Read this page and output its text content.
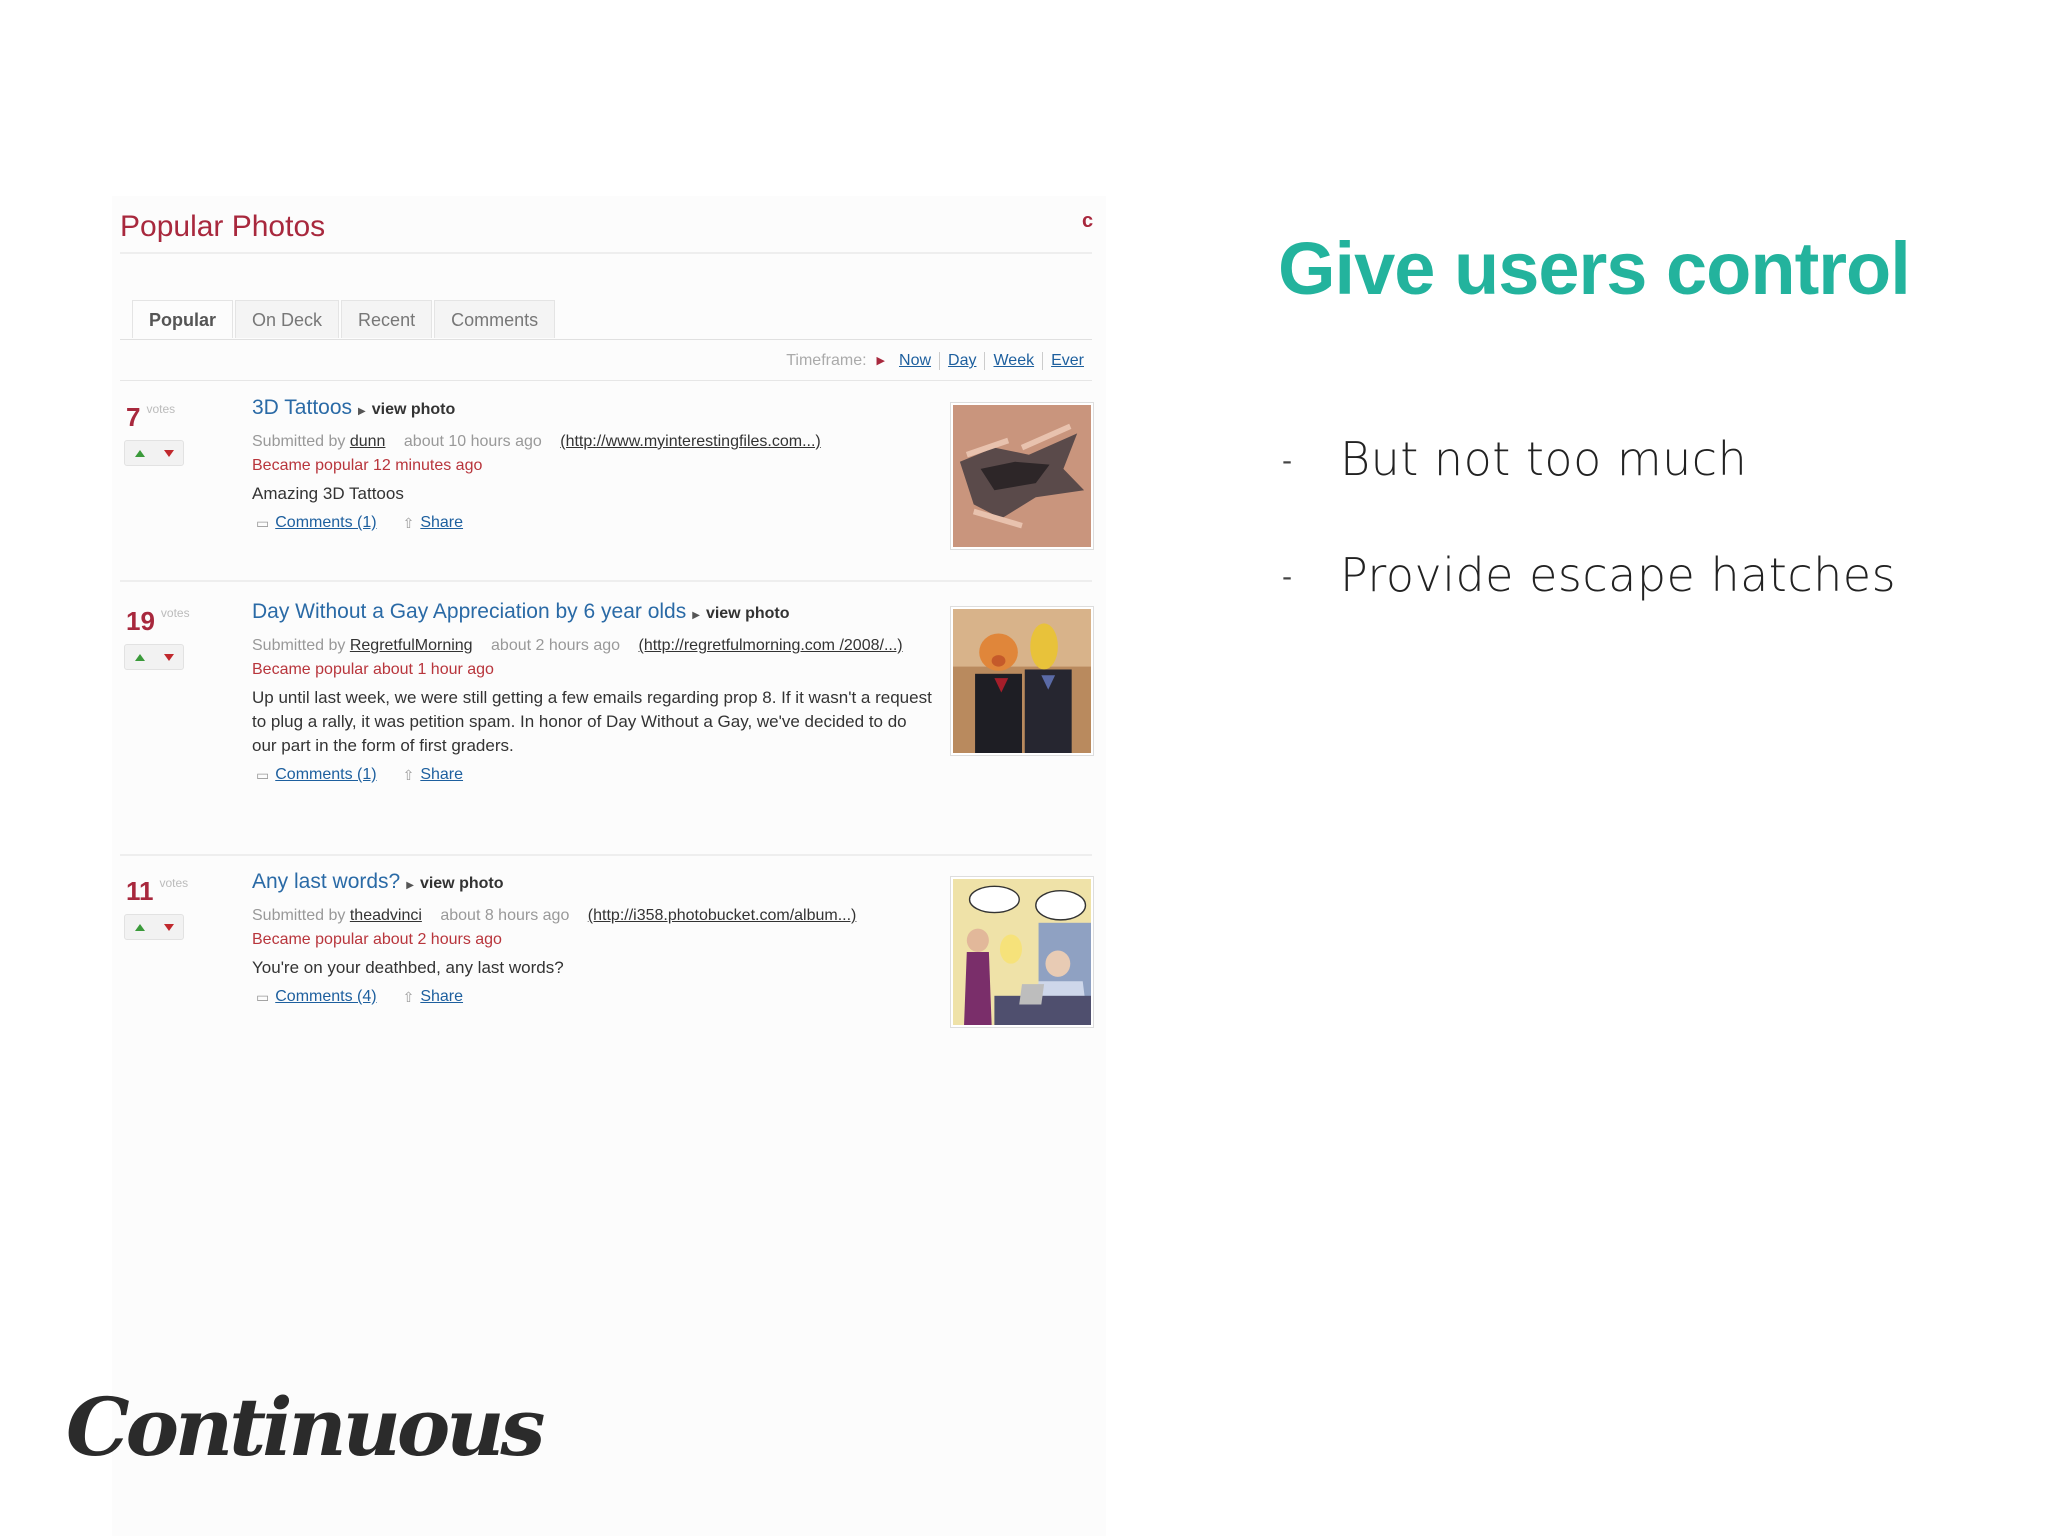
Popular Photos	c
Popular	On Deck	Recent	Comments
Timeframe: ▶ Now Day Week Ever
7 $^{votes}$	3D Tattoos ▶ view photo
Submitted by dunn about 10 hours ago (http://www.myinterestingfiles.com...)
Became popular 12 minutes ago
Amazing 3D Tattoos
▭ Comments (1) ⇧ Share
19 $^{votes}$	Day Without a Gay Appreciation by 6 year olds ▶ view photo
Submitted by RegretfulMorning about 2 hours ago (http://regretfulmorning.com /2008/...)
Became popular about 1 hour ago
Up until last week, we were still getting a few emails regarding prop 8. If it wasn't a request to plug a rally, it was petition spam. In honor of Day Without a Gay, we've decided to do our part in the form of first graders.
▭ Comments (1) ⇧ Share
11 $^{votes}$	Any last words? ▶ view photo
Submitted by theadvinci about 8 hours ago (http://i358.photobucket.com/album...)
Became popular about 2 hours ago
You're on your deathbed, any last words?
▭ Comments (4) ⇧ Share
Give users control
-	But not too much
-	Provide escape hatches
Continuous
